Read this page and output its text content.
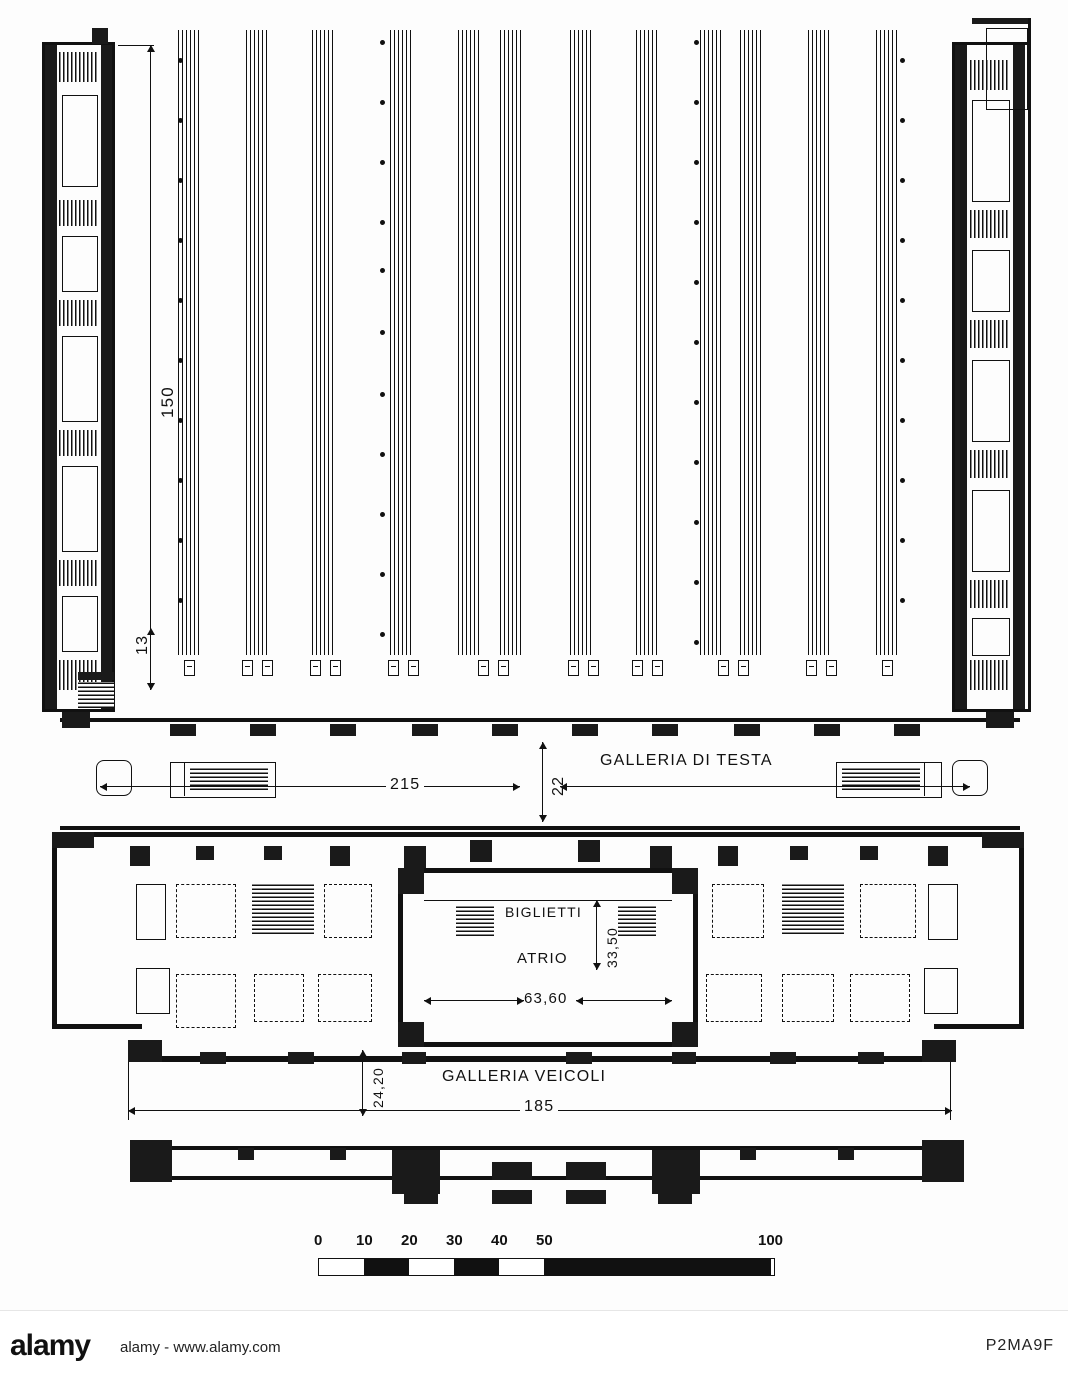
150
13
GALLERIA DI TESTA
215	22
BIGLIETTI
ATRIO	33,50
63,60
GALLERIA VEICOLI
24,20	185
0 10 20 30 40 50	100
alamy alamy - www.alamy.com	P2MA9F
